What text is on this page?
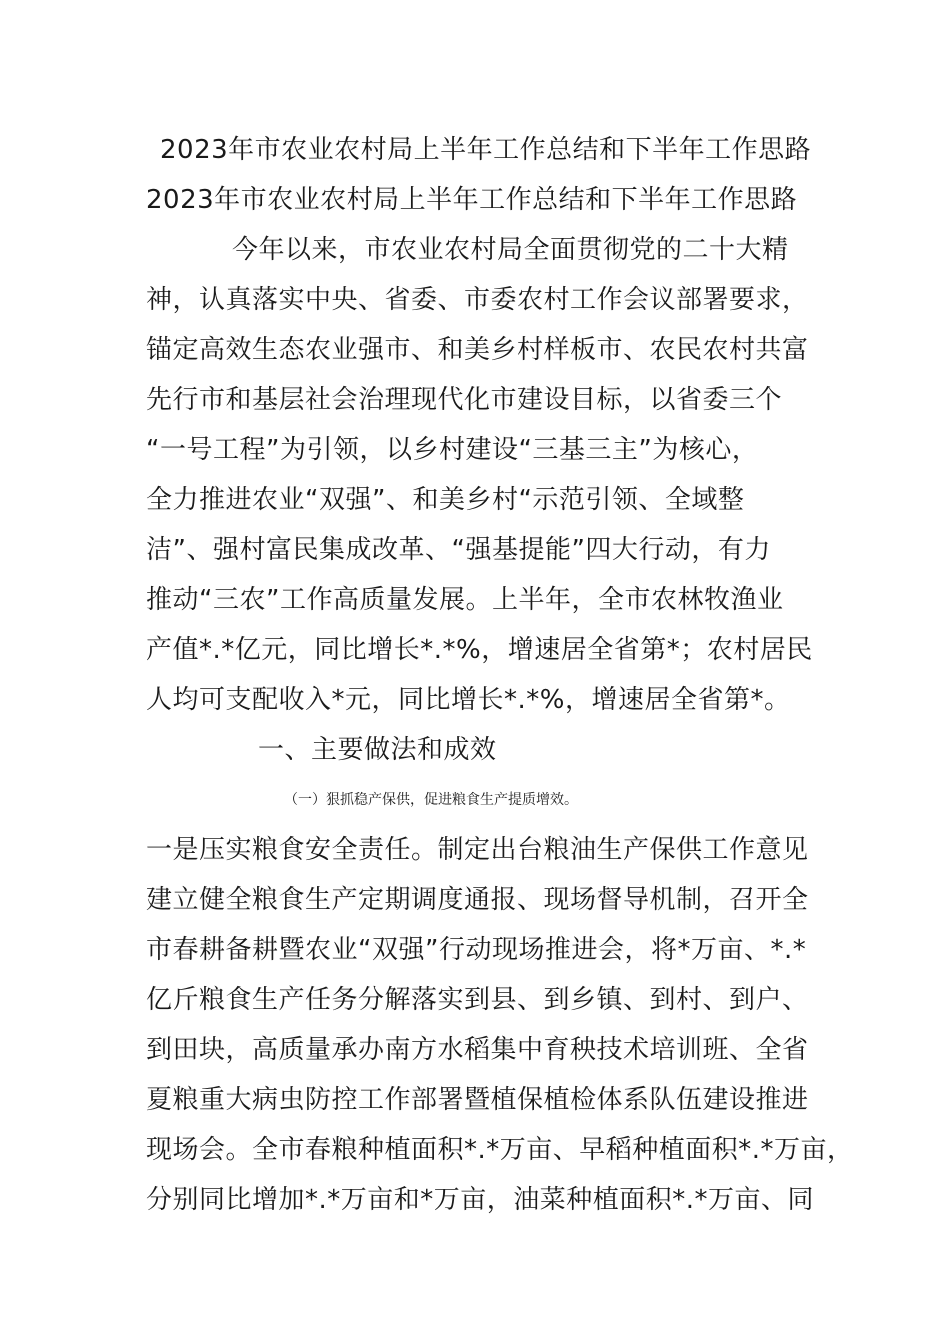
2023年市农业农村局上半年工作总结和下半年工作思路
2023年市农业农村局上半年工作总结和下半年工作思路
今年以来，市农业农村局全面贯彻党的二十大精
神，认真落实中央、省委、市委农村工作会议部署要求，
锚定高效生态农业强市、和美乡村样板市、农民农村共富
先行市和基层社会治理现代化市建设目标，以省委三个
“一号工程”为引领，以乡村建设“三基三主”为核心，
全力推进农业“双强”、和美乡村“示范引领、全域整
洁”、强村富民集成改革、“强基提能”四大行动，有力
推动“三农”工作高质量发展。上半年，全市农林牧渔业
产值*.*亿元，同比增长*.*%，增速居全省第*；农村居民
人均可支配收入*元，同比增长*.*%，增速居全省第*。
一、主要做法和成效
（一）狠抓稳产保供，促进粮食生产提质增效。
一是压实粮食安全责任。制定出台粮油生产保供工作意见
建立健全粮食生产定期调度通报、现场督导机制，召开全
市春耕备耕暨农业“双强”行动现场推进会，将*万亩、*.*
亿斤粮食生产任务分解落实到县、到乡镇、到村、到户、
到田块，高质量承办南方水稻集中育秧技术培训班、全省
夏粮重大病虫防控工作部署暨植保植检体系队伍建设推进
现场会。全市春粮种植面积*.*万亩、早稻种植面积*.*万亩，
分别同比增加*.*万亩和*万亩，油菜种植面积*.*万亩、同
